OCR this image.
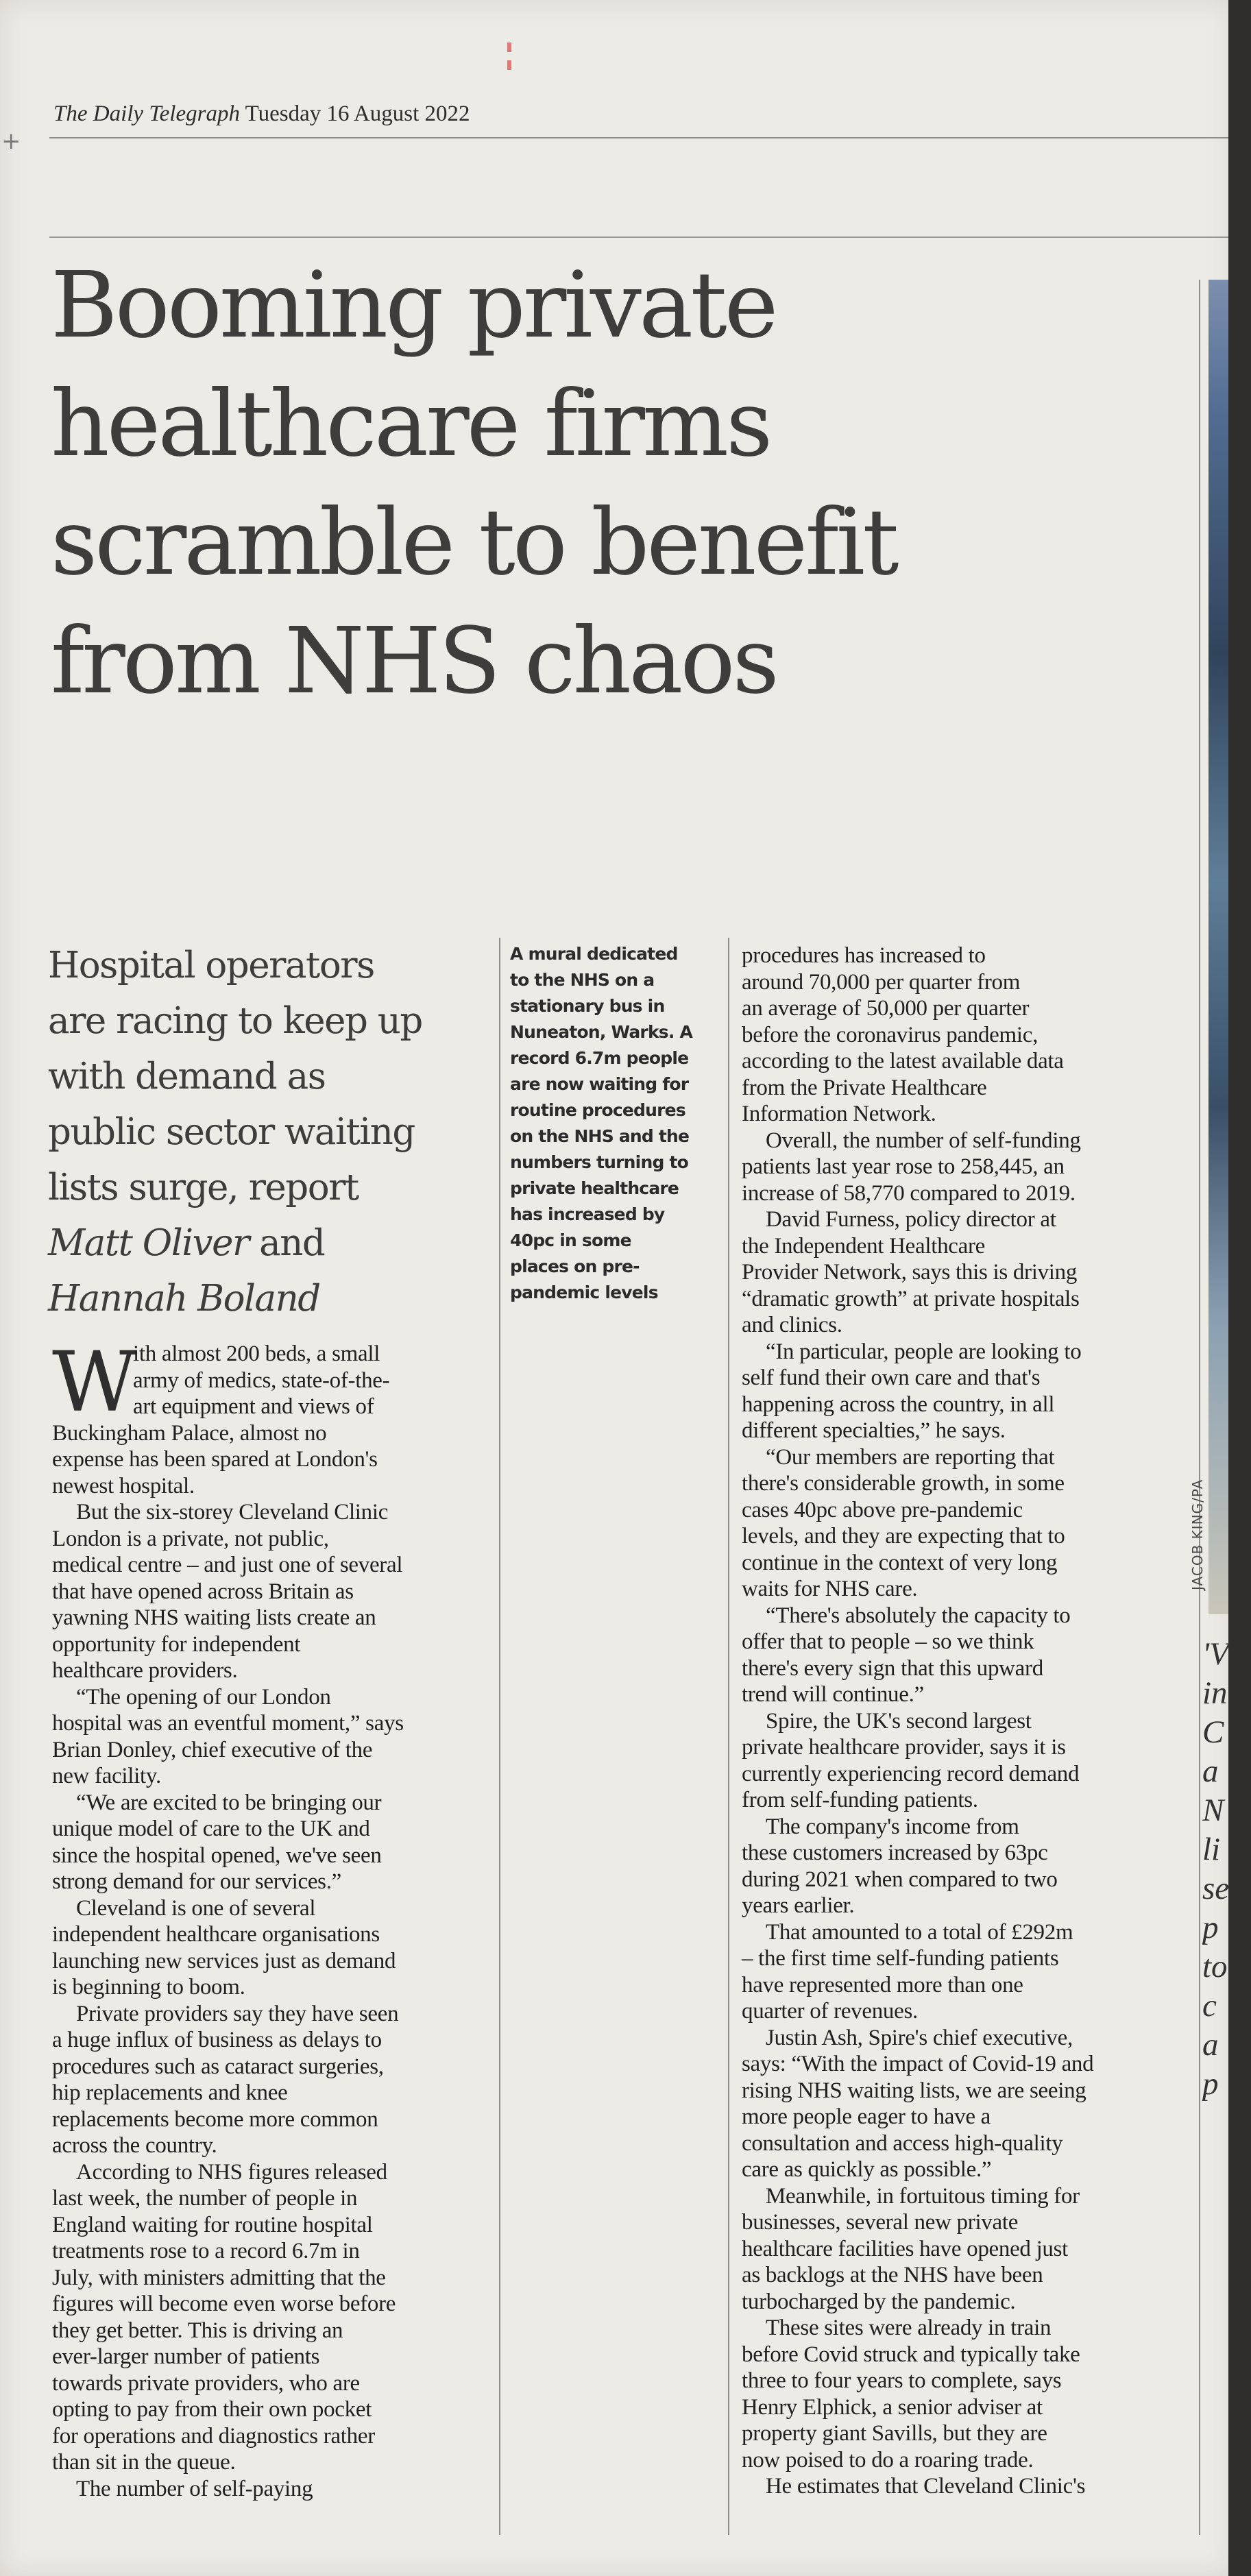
+
The Daily Telegraph Tuesday 16 August 2022
Booming private
healthcare firms
scramble to benefit
from NHS chaos
Hospital operators
are racing to keep up
with demand as
public sector waiting
lists surge, report
Matt Oliver and
Hannah Boland
A mural dedicated
to the NHS on a
stationary bus in
Nuneaton, Warks. A
record 6.7m people
are now waiting for
routine procedures
on the NHS and the
numbers turning to
private healthcare
has increased by
40pc in some
places on pre-
pandemic levels
JACOB KING/PA
W
ith almost 200 beds, a small
army of medics, state-of-the-
art equipment and views of
Buckingham Palace, almost no
expense has been spared at London's
newest hospital.
But the six-storey Cleveland Clinic
London is a private, not public,
medical centre – and just one of several
that have opened across Britain as
yawning NHS waiting lists create an
opportunity for independent
healthcare providers.
“The opening of our London
hospital was an eventful moment,” says
Brian Donley, chief executive of the
new facility.
“We are excited to be bringing our
unique model of care to the UK and
since the hospital opened, we've seen
strong demand for our services.”
Cleveland is one of several
independent healthcare organisations
launching new services just as demand
is beginning to boom.
Private providers say they have seen
a huge influx of business as delays to
procedures such as cataract surgeries,
hip replacements and knee
replacements become more common
across the country.
According to NHS figures released
last week, the number of people in
England waiting for routine hospital
treatments rose to a record 6.7m in
July, with ministers admitting that the
figures will become even worse before
they get better. This is driving an
ever-larger number of patients
towards private providers, who are
opting to pay from their own pocket
for operations and diagnostics rather
than sit in the queue.
The number of self-paying
procedures has increased to
around 70,000 per quarter from
an average of 50,000 per quarter
before the coronavirus pandemic,
according to the latest available data
from the Private Healthcare
Information Network.
Overall, the number of self-funding
patients last year rose to 258,445, an
increase of 58,770 compared to 2019.
David Furness, policy director at
the Independent Healthcare
Provider Network, says this is driving
“dramatic growth” at private hospitals
and clinics.
“In particular, people are looking to
self fund their own care and that's
happening across the country, in all
different specialties,” he says.
“Our members are reporting that
there's considerable growth, in some
cases 40pc above pre-pandemic
levels, and they are expecting that to
continue in the context of very long
waits for NHS care.
“There's absolutely the capacity to
offer that to people – so we think
there's every sign that this upward
trend will continue.”
Spire, the UK's second largest
private healthcare provider, says it is
currently experiencing record demand
from self-funding patients.
The company's income from
these customers increased by 63pc
during 2021 when compared to two
years earlier.
That amounted to a total of £292m
– the first time self-funding patients
have represented more than one
quarter of revenues.
Justin Ash, Spire's chief executive,
says: “With the impact of Covid-19 and
rising NHS waiting lists, we are seeing
more people eager to have a
consultation and access high-quality
care as quickly as possible.”
Meanwhile, in fortuitous timing for
businesses, several new private
healthcare facilities have opened just
as backlogs at the NHS have been
turbocharged by the pandemic.
These sites were already in train
before Covid struck and typically take
three to four years to complete, says
Henry Elphick, a senior adviser at
property giant Savills, but they are
now poised to do a roaring trade.
He estimates that Cleveland Clinic's
'V
in
C
a
N
li
se
p
to
c
a
p
